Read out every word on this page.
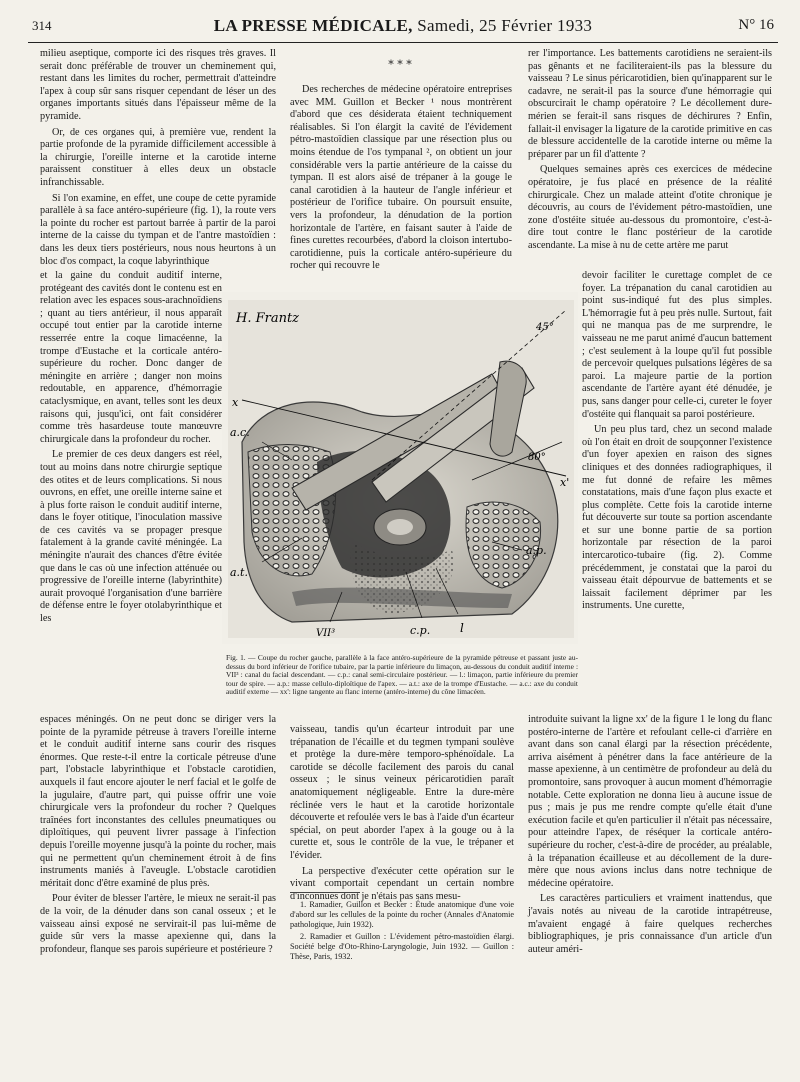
314	LA PRESSE MÉDICALE, Samedi, 25 Février 1933	N° 16

milieu aseptique, comporte ici des risques très graves. Il serait donc préférable de trouver un cheminement qui, restant dans les limites du rocher, permettrait d'atteindre l'apex à coup sûr sans risquer cependant de léser un des organes importants situés dans l'épaisseur même de la pyramide.

Or, de ces organes qui, à première vue, rendent la partie profonde de la pyramide difficilement accessible à la chirurgie, l'oreille interne et la carotide interne paraissent constituer à elles deux un obstacle infranchissable.

Si l'on examine, en effet, une coupe de cette pyramide parallèle à sa face antéro-supérieure (fig. 1), la route vers la pointe du rocher est partout barrée à partir de la paroi interne de la caisse du tympan et de l'antre mastoïdien : dans les deux tiers postérieurs, nous nous heurtons à un bloc d'os compact, la coque labyrinthique

et la gaine du conduit auditif interne, protégeant des cavités dont le contenu est en relation avec les espaces sous-arachnoïdiens ; quant au tiers antérieur, il nous apparaît occupé tout entier par la carotide interne resserrée entre la coque limacéenne, la trompe d'Eustache et la corticale antéro-supérieure du rocher. Donc danger de méningite en arrière ; danger non moins redoutable, en apparence, d'hémorragie cataclysmique, en avant, telles sont les deux raisons qui, jusqu'ici, ont fait considérer comme très hasardeuse toute manœuvre chirurgicale dans la profondeur du rocher.

Le premier de ces deux dangers est réel, tout au moins dans notre chirurgie septique des otites et de leurs complications. Si nous ouvrons, en effet, une oreille interne saine et à plus forte raison le conduit auditif interne, dans le foyer otitique, l'inoculation massive de ces cavités va se propager presque fatalement à la grande cavité méningée. La méningite n'aurait des chances d'être évitée que dans le cas où une infection atténuée ou progressive de l'oreille interne (labyrinthite) aurait provoqué l'organisation d'une barrière de défense entre le foyer otolabyrinthique et les

espaces méningés. On ne peut donc se diriger vers la pointe de la pyramide pétreuse à travers l'oreille interne et le conduit auditif interne sans courir des risques énormes. Que reste-t-il entre la corticale pétreuse d'une part, l'obstacle labyrinthique et l'obstacle carotidien, auxquels il faut encore ajouter le nerf facial et le golfe de la jugulaire, d'autre part, qui puisse offrir une voie chirurgicale vers la profondeur du rocher ? Quelques traînées fort inconstantes des cellules pneumatiques ou diploïtiques, qui peuvent livrer passage à l'infection depuis l'oreille moyenne jusqu'à la pointe du rocher, mais qui ne permettent qu'un cheminement étroit à de fins instruments maniés à l'aveugle. L'obstacle carotidien méritait donc d'être examiné de plus près.

Pour éviter de blesser l'artère, le mieux ne serait-il pas de la voir, de la dénuder dans son canal osseux ; et le vaisseau ainsi exposé ne servirait-il pas lui-même de guide sûr vers la masse apexienne qui, dans la profondeur, flanque ses parois supérieure et postérieure ?

* * *

Des recherches de médecine opératoire entreprises avec MM. Guillon et Becker ¹ nous montrèrent d'abord que ces désiderata étaient techniquement réalisables. Si l'on élargit la cavité de l'évidement pétro-mastoïdien classique par une résection plus ou moins étendue de l'os tympanal ², on obtient un jour considérable vers la partie antérieure de la caisse du tympan. Il est alors aisé de trépaner à la gouge le canal carotidien à la hauteur de l'angle inférieur et postérieur de l'orifice tubaire. On poursuit ensuite, vers la profondeur, la dénudation de la portion horizontale de l'artère, en faisant sauter à l'aide de fines curettes recourbées, d'abord la cloison intertubo-carotidienne, puis la corticale antéro-supérieure du rocher qui recouvre le

H. Frantz
45°
80°
x
x'
a.c.
a.t.
a.p.
c.p. l
VII³
Fig. 1. — Coupe du rocher gauche, parallèle à la face antéro-supérieure de la pyramide pétreuse et passant juste au-dessus du bord inférieur de l'orifice tubaire, par la partie inférieure du limaçon, au-dessous du conduit auditif interne : VII³ : canal du facial descendant. — c.p.: canal semi-circulaire postérieur. — l.: limaçon, partie inférieure du premier tour de spire. — a.p.: masse cellulo-diploïtique de l'apex. — a.t.: axe de la trompe d'Eustache. — a.c.: axe du conduit auditif externe — xx': ligne tangente au flanc interne (antéro-interne) du cône limacéen.

vaisseau, tandis qu'un écarteur introduit par une trépanation de l'écaille et du tegmen tympani soulève et protège la dure-mère temporo-sphénoïdale. La carotide se décolle facilement des parois du canal osseux ; le sinus veineux péricarotidien paraît anatomiquement négligeable. Entre la dure-mère réclinée vers le haut et la carotide horizontale découverte et refoulée vers le bas à l'aide d'un écarteur spécial, on peut aborder l'apex à la gouge ou à la curette et, sous le contrôle de la vue, le trépaner et l'évider.

La perspective d'exécuter cette opération sur le vivant comportait cependant un certain nombre d'inconnues dont je n'étais pas sans mesu-

1. Ramadier, Guillon et Becker : Étude anatomique d'une voie d'abord sur les cellules de la pointe du rocher (Annales d'Anatomie pathologique, Juin 1932).

2. Ramadier et Guillon : L'évidement pétro-mastoïdien élargi. Société belge d'Oto-Rhino-Laryngologie, Juin 1932. — Guillon : Thèse, Paris, 1932.

rer l'importance. Les battements carotidiens ne seraient-ils pas gênants et ne faciliteraient-ils pas la blessure du vaisseau ? Le sinus péricarotidien, bien qu'inapparent sur le cadavre, ne serait-il pas la source d'une hémorragie qui obscurcirait le champ opératoire ? Le décollement dure-mérien se ferait-il sans risques de déchirures ? Enfin, fallait-il envisager la ligature de la carotide primitive en cas de blessure accidentelle de la carotide interne ou même la préparer par un fil d'attente ?

Quelques semaines après ces exercices de médecine opératoire, je fus placé en présence de la réalité chirurgicale. Chez un malade atteint d'otite chronique je découvris, au cours de l'évidement pétro-mastoïdien, une zone d'ostéite située au-dessous du promontoire, c'est-à-dire tout contre le flanc postérieur de la carotide ascendante. La mise à nu de cette artère me parut

devoir faciliter le curettage complet de ce foyer. La trépanation du canal carotidien au point sus-indiqué fut des plus simples. L'hémorragie fut à peu près nulle. Surtout, fait qui ne manqua pas de me surprendre, le vaisseau ne me parut animé d'aucun battement ; c'est seulement à la loupe qu'il fut possible de percevoir quelques pulsations légères de sa paroi. La majeure partie de la portion ascendante de l'artère ayant été dénudée, je pus, sans danger pour celle-ci, cureter le foyer d'ostéite qui flanquait sa paroi postérieure.

Un peu plus tard, chez un second malade où l'on était en droit de soupçonner l'existence d'un foyer apexien en raison des signes cliniques et des données radiographiques, il me fut donné de refaire les mêmes constatations, mais d'une façon plus exacte et plus complète. Cette fois la carotide interne fut découverte sur toute sa portion ascendante et sur une bonne partie de sa portion horizontale par résection de la paroi intercarotico-tubaire (fig. 2). Comme précédemment, je constatai que la paroi du vaisseau était dépourvue de battements et se laissait facilement déprimer par les instruments. Une curette,

introduite suivant la ligne xx' de la figure 1 le long du flanc postéro-interne de l'artère et refoulant celle-ci d'arrière en avant dans son canal élargi par la résection précédente, arriva aisément à pénétrer dans la face antérieure de la masse apexienne, à un centimètre de profondeur au delà du promontoire, sans provoquer à aucun moment d'hémorragie notable. Cette exploration ne donna lieu à aucune issue de pus ; mais je pus me rendre compte qu'elle était d'une exécution facile et qu'en particulier il n'était pas nécessaire, pour atteindre l'apex, de réséquer la corticale antéro-supérieure du rocher, c'est-à-dire de procéder, au préalable, à la trépanation écailleuse et au décollement de la dure-mère que nous avions inclus dans notre technique de médecine opératoire.

Les caractères particuliers et vraiment inattendus, que j'avais notés au niveau de la carotide intrapétreuse, m'avaient engagé à faire quelques recherches bibliographiques, je pris connaissance d'un article d'un auteur améri-
